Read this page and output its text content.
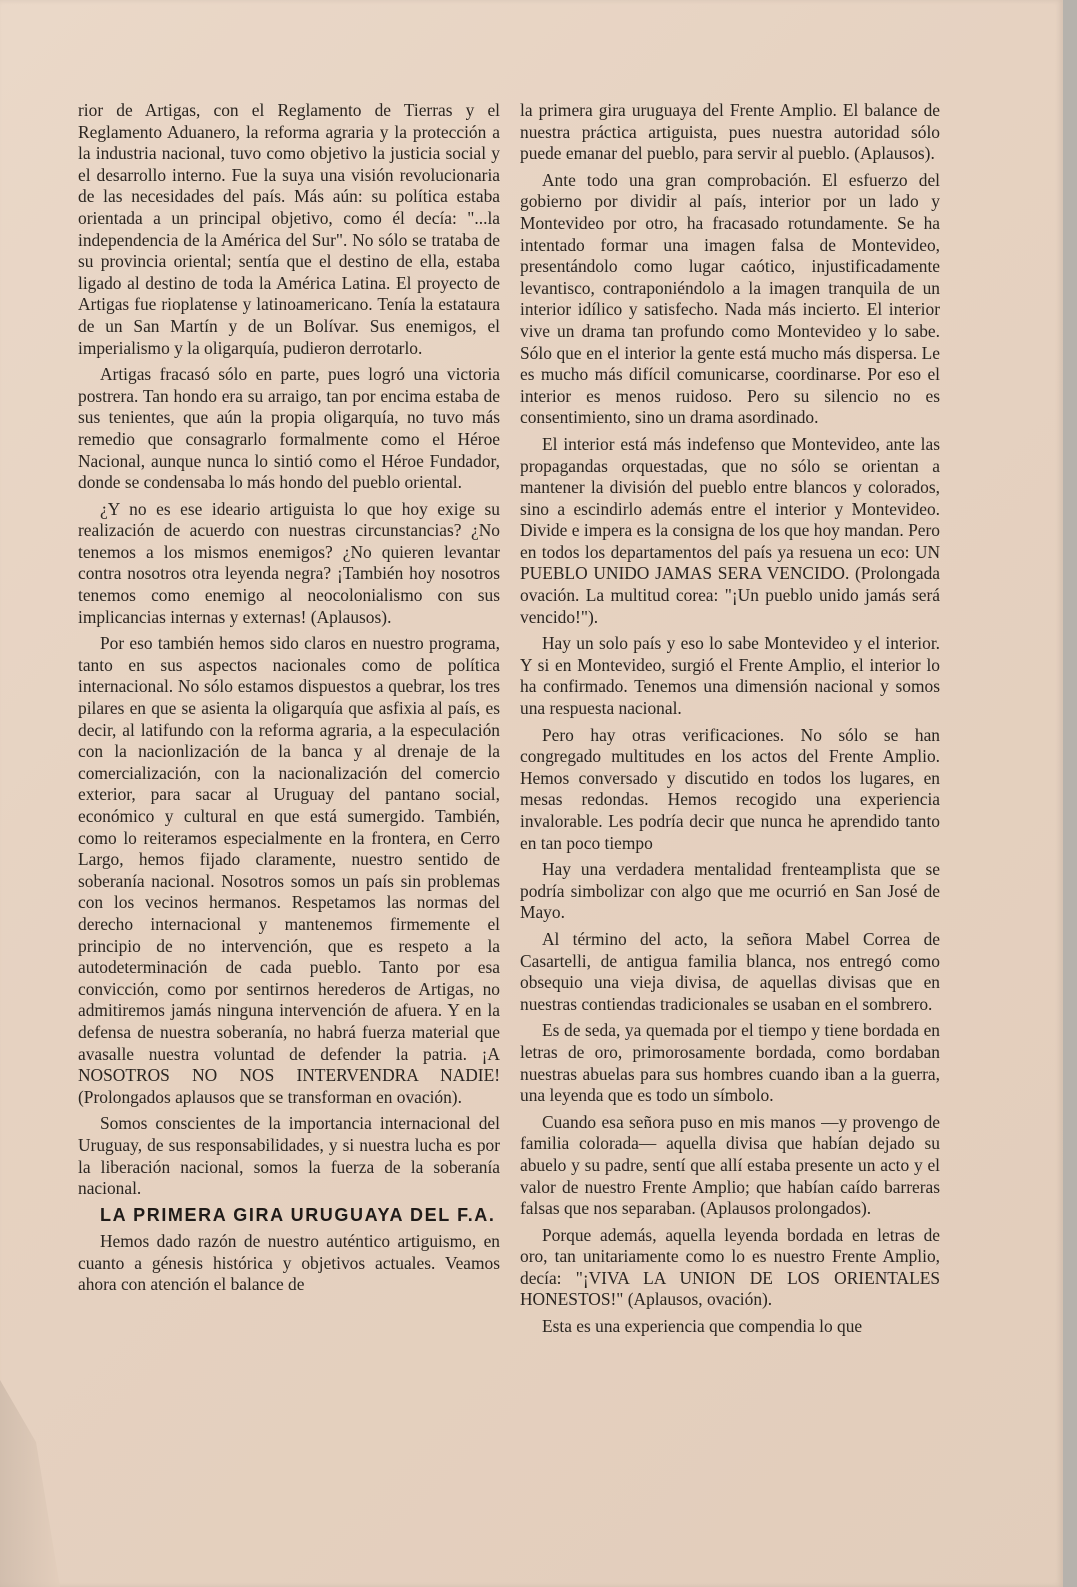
rior de Artigas, con el Reglamento de Tierras y el Reglamento Aduanero, la reforma agraria y la protección a la industria nacional, tuvo como objetivo la justicia social y el desarrollo interno. Fue la suya una visión revolucionaria de las necesidades del país. Más aún: su política estaba orientada a un principal objetivo, como él decía: "...la independencia de la América del Sur". No sólo se trataba de su provincia oriental; sentía que el destino de ella, estaba ligado al destino de toda la América Latina. El proyecto de Artigas fue rioplatense y latinoamericano. Tenía la estataura de un San Martín y de un Bolívar. Sus enemigos, el imperialismo y la oligarquía, pudieron derrotarlo.

Artigas fracasó sólo en parte, pues logró una victoria postrera. Tan hondo era su arraigo, tan por encima estaba de sus tenientes, que aún la propia oligarquía, no tuvo más remedio que consagrarlo formalmente como el Héroe Nacional, aunque nunca lo sintió como el Héroe Fundador, donde se condensaba lo más hondo del pueblo oriental.

¿Y no es ese ideario artiguista lo que hoy exige su realización de acuerdo con nuestras circunstancias? ¿No tenemos a los mismos enemigos? ¿No quieren levantar contra nosotros otra leyenda negra? ¡También hoy nosotros tenemos como enemigo al neocolonialismo con sus implicancias internas y externas! (Aplausos).

Por eso también hemos sido claros en nuestro programa, tanto en sus aspectos nacionales como de política internacional. No sólo estamos dispuestos a quebrar, los tres pilares en que se asienta la oligarquía que asfixia al país, es decir, al latifundo con la reforma agraria, a la especulación con la nacionlización de la banca y al drenaje de la comercialización, con la nacionalización del comercio exterior, para sacar al Uruguay del pantano social, económico y cultural en que está sumergido. También, como lo reiteramos especialmente en la frontera, en Cerro Largo, hemos fijado claramente, nuestro sentido de soberanía nacional. Nosotros somos un país sin problemas con los vecinos hermanos. Respetamos las normas del derecho internacional y mantenemos firmemente el principio de no intervención, que es respeto a la autodeterminación de cada pueblo. Tanto por esa convicción, como por sentirnos herederos de Artigas, no admitiremos jamás ninguna intervención de afuera. Y en la defensa de nuestra soberanía, no habrá fuerza material que avasalle nuestra voluntad de defender la patria. ¡A NOSOTROS NO NOS INTERVENDRA NADIE! (Prolongados aplausos que se transforman en ovación).

Somos conscientes de la importancia internacional del Uruguay, de sus responsabilidades, y si nuestra lucha es por la liberación nacional, somos la fuerza de la soberanía nacional.

LA PRIMERA GIRA URUGUAYA DEL F.A.

Hemos dado razón de nuestro auténtico artiguismo, en cuanto a génesis histórica y objetivos actuales. Veamos ahora con atención el balance de

la primera gira uruguaya del Frente Amplio. El balance de nuestra práctica artiguista, pues nuestra autoridad sólo puede emanar del pueblo, para servir al pueblo. (Aplausos).

Ante todo una gran comprobación. El esfuerzo del gobierno por dividir al país, interior por un lado y Montevideo por otro, ha fracasado rotundamente. Se ha intentado formar una imagen falsa de Montevideo, presentándolo como lugar caótico, injustificadamente levantisco, contraponiéndolo a la imagen tranquila de un interior idílico y satisfecho. Nada más incierto. El interior vive un drama tan profundo como Montevideo y lo sabe. Sólo que en el interior la gente está mucho más dispersa. Le es mucho más difícil comunicarse, coordinarse. Por eso el interior es menos ruidoso. Pero su silencio no es consentimiento, sino un drama asordinado.

El interior está más indefenso que Montevideo, ante las propagandas orquestadas, que no sólo se orientan a mantener la división del pueblo entre blancos y colorados, sino a escindirlo además entre el interior y Montevideo. Divide e impera es la consigna de los que hoy mandan. Pero en todos los departamentos del país ya resuena un eco: UN PUEBLO UNIDO JAMAS SERA VENCIDO. (Prolongada ovación. La multitud corea: "¡Un pueblo unido jamás será vencido!").

Hay un solo país y eso lo sabe Montevideo y el interior. Y si en Montevideo, surgió el Frente Amplio, el interior lo ha confirmado. Tenemos una dimensión nacional y somos una respuesta nacional.

Pero hay otras verificaciones. No sólo se han congregado multitudes en los actos del Frente Amplio. Hemos conversado y discutido en todos los lugares, en mesas redondas. Hemos recogido una experiencia invalorable. Les podría decir que nunca he aprendido tanto en tan poco tiempo

Hay una verdadera mentalidad frenteamplista que se podría simbolizar con algo que me ocurrió en San José de Mayo.

Al término del acto, la señora Mabel Correa de Casartelli, de antigua familia blanca, nos entregó como obsequio una vieja divisa, de aquellas divisas que en nuestras contiendas tradicionales se usaban en el sombrero.

Es de seda, ya quemada por el tiempo y tiene bordada en letras de oro, primorosamente bordada, como bordaban nuestras abuelas para sus hombres cuando iban a la guerra, una leyenda que es todo un símbolo.

Cuando esa señora puso en mis manos —y provengo de familia colorada— aquella divisa que habían dejado su abuelo y su padre, sentí que allí estaba presente un acto y el valor de nuestro Frente Amplio; que habían caído barreras falsas que nos separaban. (Aplausos prolongados).

Porque además, aquella leyenda bordada en letras de oro, tan unitariamente como lo es nuestro Frente Amplio, decía: "¡VIVA LA UNION DE LOS ORIENTALES HONESTOS!" (Aplausos, ovación).

Esta es una experiencia que compendia lo que
